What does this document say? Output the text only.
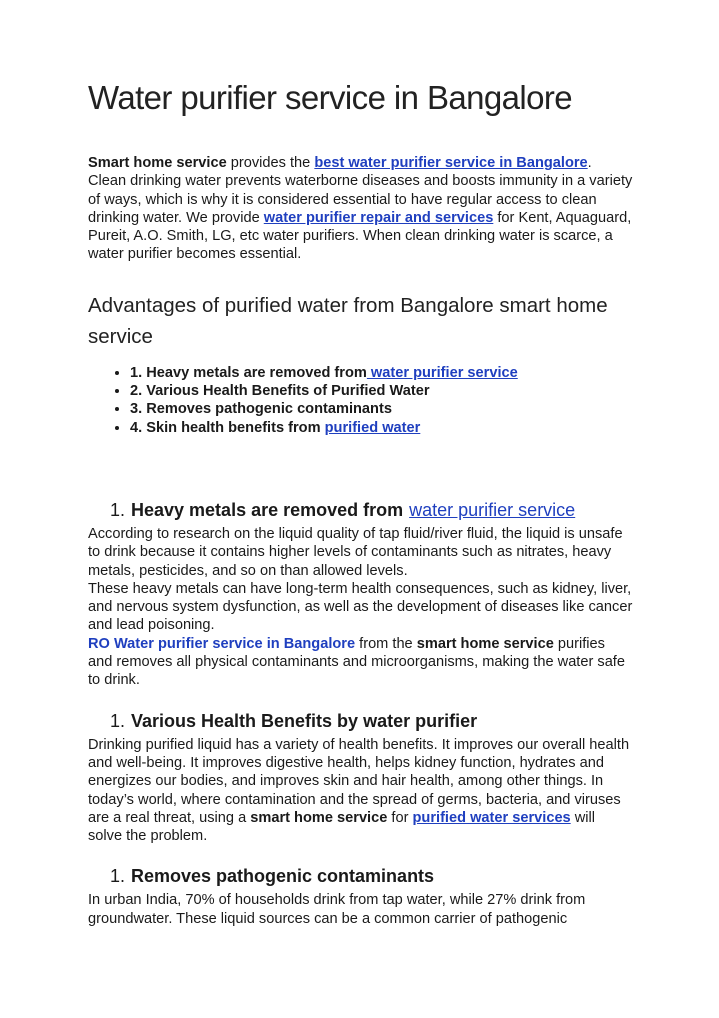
Water purifier service in Bangalore

Smart home service provides the best water purifier service in Bangalore. Clean drinking water prevents waterborne diseases and boosts immunity in a variety of ways, which is why it is considered essential to have regular access to clean drinking water. We provide water purifier repair and services for Kent, Aquaguard, Pureit, A.O. Smith, LG, etc water purifiers. When clean drinking water is scarce, a water purifier becomes essential.

Advantages of purified water from Bangalore smart home service
• 1. Heavy metals are removed from water purifier service
• 2. Various Health Benefits of Purified Water
• 3. Removes pathogenic contaminants
• 4. Skin health benefits from purified water
1. Heavy metals are removed from water purifier service

According to research on the liquid quality of tap fluid/river fluid, the liquid is unsafe to drink because it contains higher levels of contaminants such as nitrates, heavy metals, pesticides, and so on than allowed levels.

These heavy metals can have long-term health consequences, such as kidney, liver, and nervous system dysfunction, as well as the development of diseases like cancer and lead poisoning.

RO Water purifier service in Bangalore from the smart home service purifies and removes all physical contaminants and microorganisms, making the water safe to drink.

1. Various Health Benefits by water purifier

Drinking purified liquid has a variety of health benefits. It improves our overall health and well-being. It improves digestive health, helps kidney function, hydrates and energizes our bodies, and improves skin and hair health, among other things. In today’s world, where contamination and the spread of germs, bacteria, and viruses are a real threat, using a smart home service for purified water services will solve the problem.

1. Removes pathogenic contaminants

In urban India, 70% of households drink from tap water, while 27% drink from groundwater. These liquid sources can be a common carrier of pathogenic
